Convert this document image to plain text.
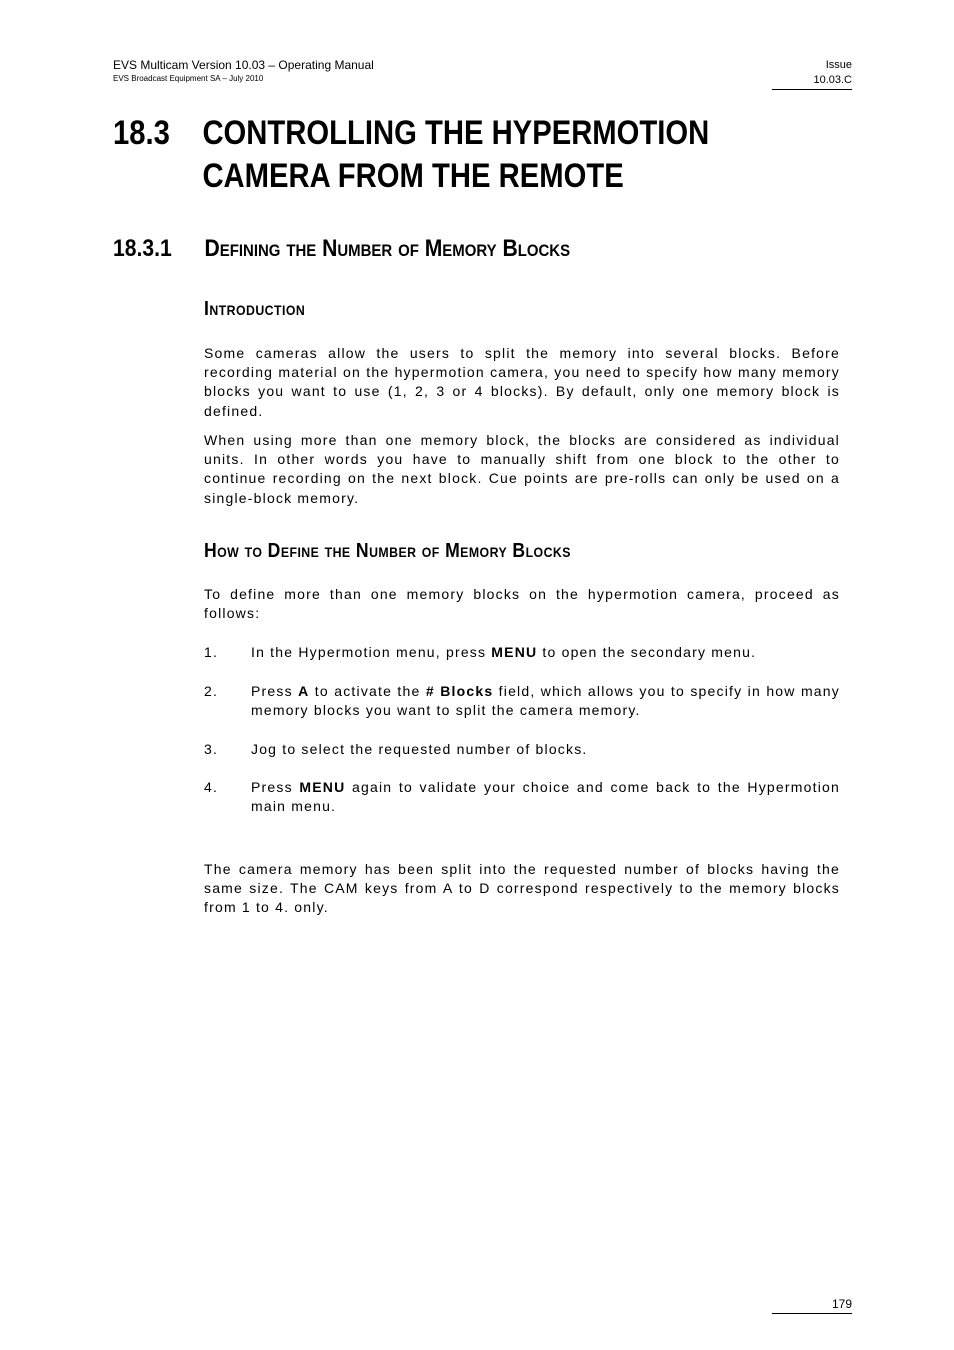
EVS Multicam Version 10.03 – Operating Manual
EVS Broadcast Equipment SA – July 2010
Issue
10.03.C
18.3 CONTROLLING THE HYPERMOTION
CAMERA FROM THE REMOTE
18.3.1 Defining the Number of Memory Blocks
Introduction
Some cameras allow the users to split the memory into several blocks. Before recording material on the hypermotion camera, you need to specify how many memory blocks you want to use (1, 2, 3 or 4 blocks). By default, only one memory block is defined.
When using more than one memory block, the blocks are considered as individual units. In other words you have to manually shift from one block to the other to continue recording on the next block. Cue points are pre-rolls can only be used on a single-block memory.
How to Define the Number of Memory Blocks
To define more than one memory blocks on the hypermotion camera, proceed as follows:
1. In the Hypermotion menu, press MENU to open the secondary menu.
2. Press A to activate the # Blocks field, which allows you to specify in how many memory blocks you want to split the camera memory.
3. Jog to select the requested number of blocks.
4. Press MENU again to validate your choice and come back to the Hypermotion main menu.
The camera memory has been split into the requested number of blocks having the same size. The CAM keys from A to D correspond respectively to the memory blocks from 1 to 4. only.
179
